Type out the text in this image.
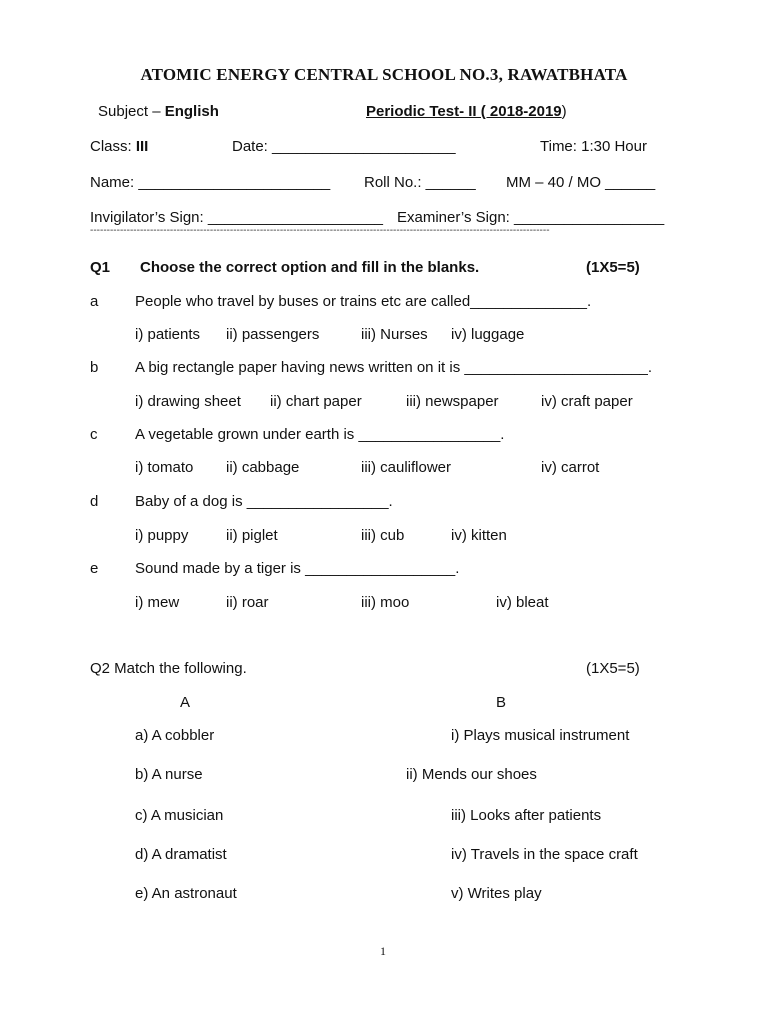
ATOMIC ENERGY CENTRAL SCHOOL NO.3, RAWATBHATA
Subject – English	Periodic Test- II ( 2018-2019)
Class: III	Date: ______________________	Time: 1:30 Hour
Name: _______________________ Roll No.: ______ MM – 40 / MO ______
Invigilator’s Sign: _____________________ Examiner’s Sign: __________________
------------------------------------------------------------------------------------------------------------------------------------------
Q1 Choose the correct option and fill in the blanks.	(1X5=5)
a People who travel by buses or trains etc are called______________.
i) patients ii) passengers	iii) Nurses iv) luggage
b A big rectangle paper having news written on it is ______________________.
i) drawing sheet ii) chart paper	iii) newspaper	iv) craft paper
c	A vegetable grown under earth is _________________.
i) tomato ii) cabbage	iii) cauliflower	iv) carrot
d Baby of a dog is _________________.
i) puppy	ii) piglet	iii) cub	iv) kitten
e Sound made by a tiger is __________________.
i) mew	ii) roar	iii) moo	iv) bleat
Q2 Match the following.	(1X5=5)
A	B
a) A cobbler	i) Plays musical instrument
b) A nurse	ii) Mends our shoes
c) A musician	iii) Looks after patients
d) A dramatist	iv) Travels in the space craft
e) An astronaut	v) Writes play
1
